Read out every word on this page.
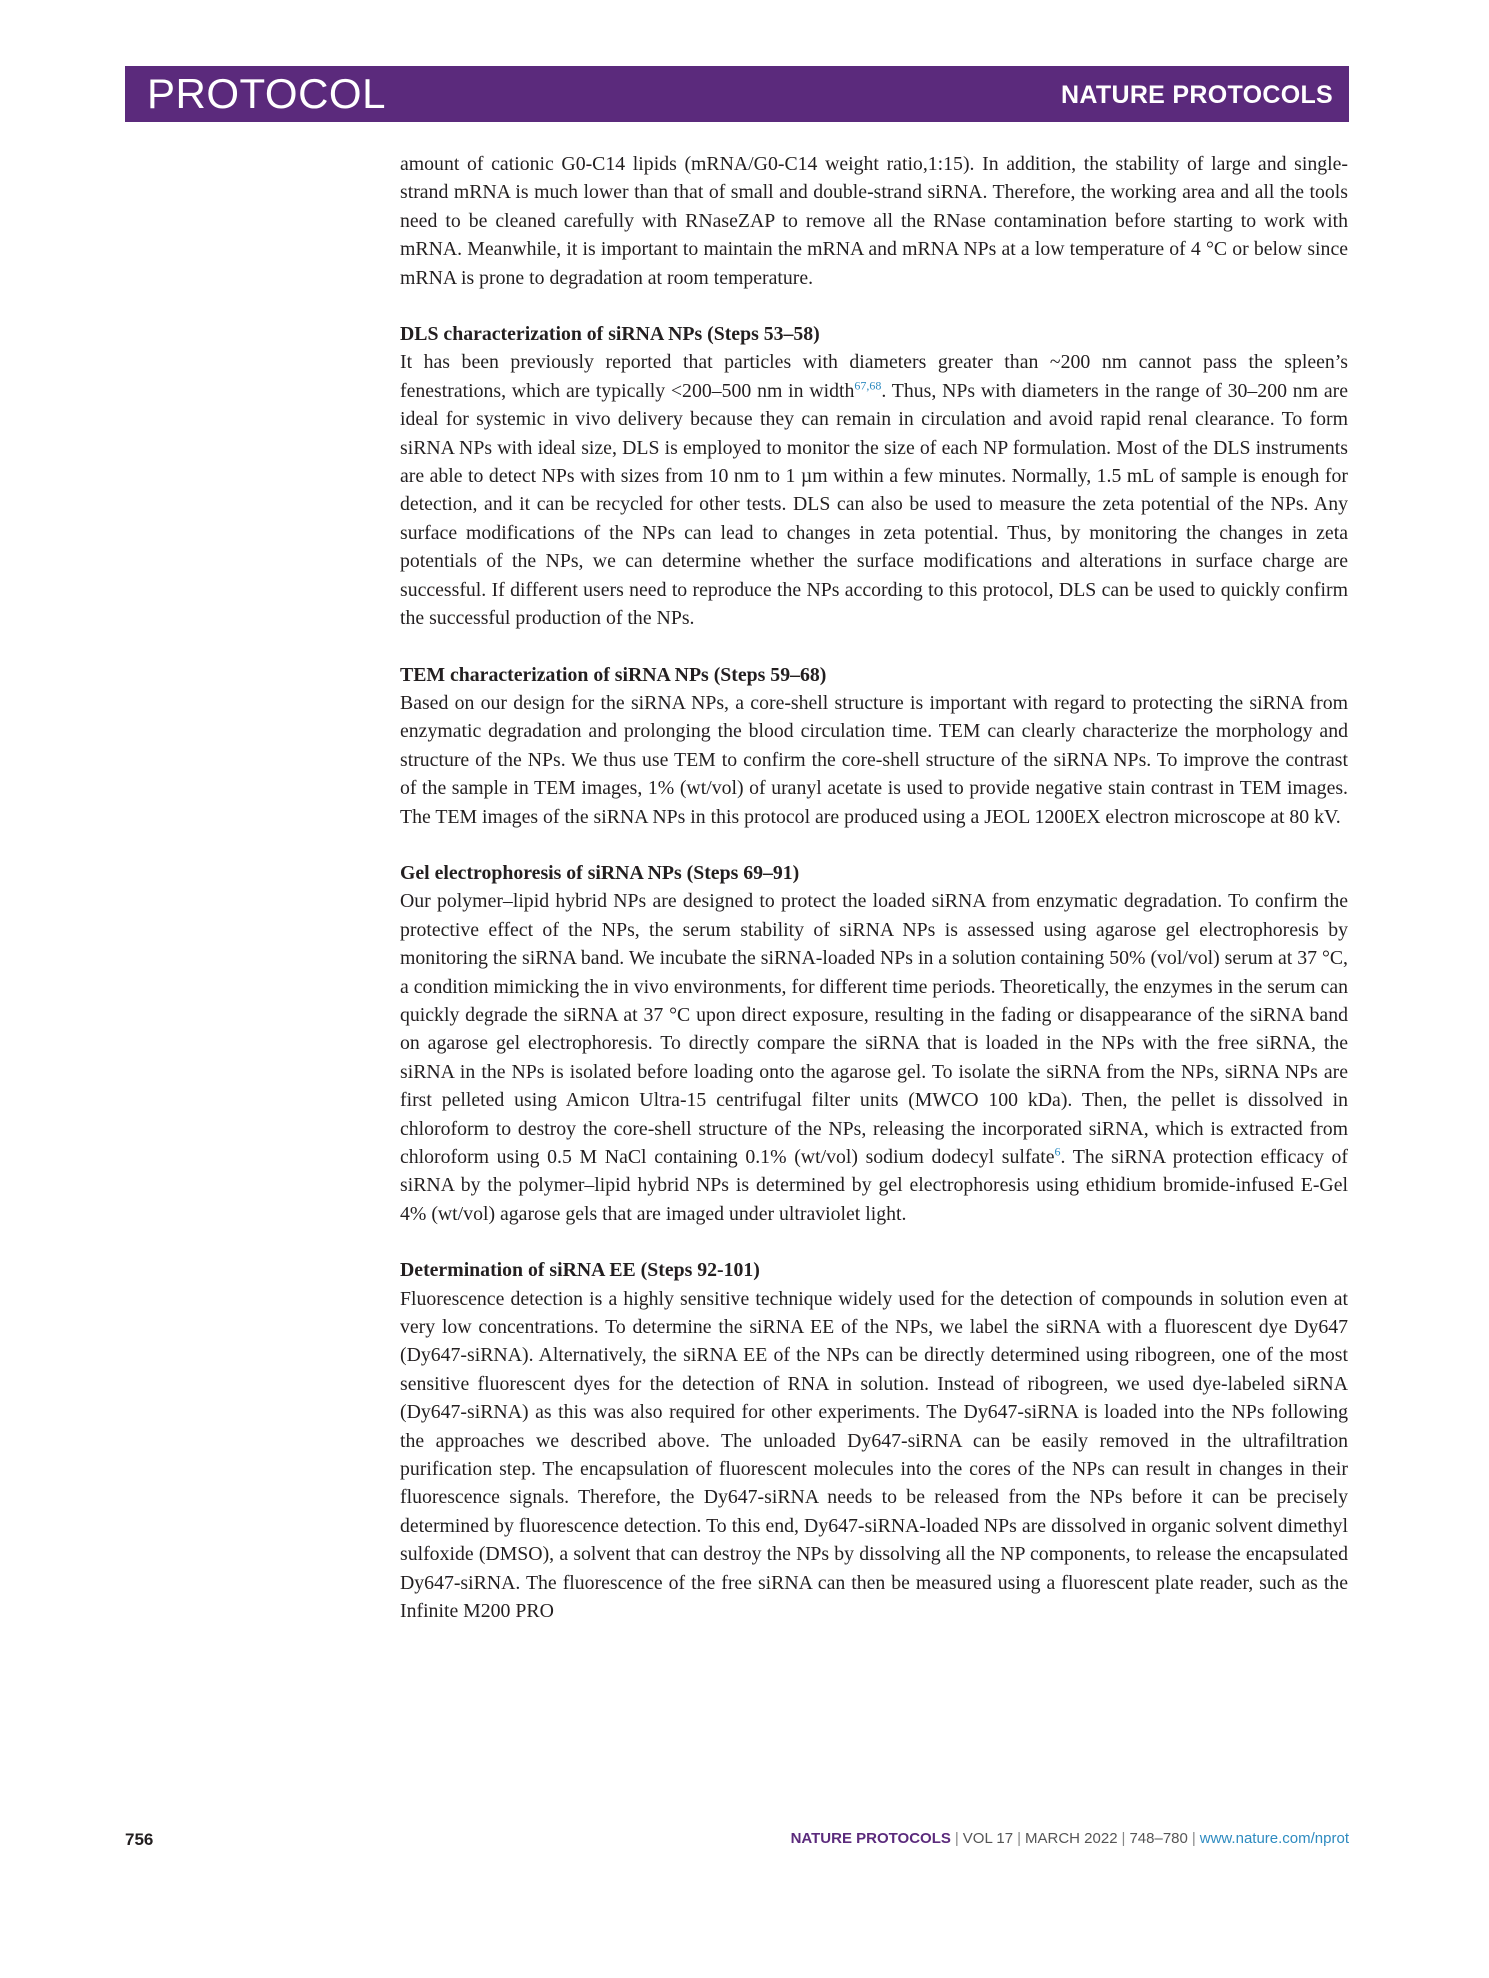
PROTOCOL	NATURE PROTOCOLS

amount of cationic G0-C14 lipids (mRNA/G0-C14 weight ratio,1:15). In addition, the stability of large and single-strand mRNA is much lower than that of small and double-strand siRNA. Therefore, the working area and all the tools need to be cleaned carefully with RNaseZAP to remove all the RNase contamination before starting to work with mRNA. Meanwhile, it is important to maintain the mRNA and mRNA NPs at a low temperature of 4 °C or below since mRNA is prone to degradation at room temperature.

DLS characterization of siRNA NPs (Steps 53–58)

It has been previously reported that particles with diameters greater than ~200 nm cannot pass the spleen’s fenestrations, which are typically <200–500 nm in width$^{67,68}$. Thus, NPs with diameters in the range of 30–200 nm are ideal for systemic in vivo delivery because they can remain in circulation and avoid rapid renal clearance. To form siRNA NPs with ideal size, DLS is employed to monitor the size of each NP formulation. Most of the DLS instruments are able to detect NPs with sizes from 10 nm to 1 µm within a few minutes. Normally, 1.5 mL of sample is enough for detection, and it can be recycled for other tests. DLS can also be used to measure the zeta potential of the NPs. Any surface modifications of the NPs can lead to changes in zeta potential. Thus, by monitoring the changes in zeta potentials of the NPs, we can determine whether the surface modifications and alterations in surface charge are successful. If different users need to reproduce the NPs according to this protocol, DLS can be used to quickly confirm the successful production of the NPs.

TEM characterization of siRNA NPs (Steps 59–68)

Based on our design for the siRNA NPs, a core-shell structure is important with regard to protecting the siRNA from enzymatic degradation and prolonging the blood circulation time. TEM can clearly characterize the morphology and structure of the NPs. We thus use TEM to confirm the core-shell structure of the siRNA NPs. To improve the contrast of the sample in TEM images, 1% (wt/vol) of uranyl acetate is used to provide negative stain contrast in TEM images. The TEM images of the siRNA NPs in this protocol are produced using a JEOL 1200EX electron microscope at 80 kV.

Gel electrophoresis of siRNA NPs (Steps 69–91)

Our polymer–lipid hybrid NPs are designed to protect the loaded siRNA from enzymatic degradation. To confirm the protective effect of the NPs, the serum stability of siRNA NPs is assessed using agarose gel electrophoresis by monitoring the siRNA band. We incubate the siRNA-loaded NPs in a solution containing 50% (vol/vol) serum at 37 °C, a condition mimicking the in vivo environments, for different time periods. Theoretically, the enzymes in the serum can quickly degrade the siRNA at 37 °C upon direct exposure, resulting in the fading or disappearance of the siRNA band on agarose gel electrophoresis. To directly compare the siRNA that is loaded in the NPs with the free siRNA, the siRNA in the NPs is isolated before loading onto the agarose gel. To isolate the siRNA from the NPs, siRNA NPs are first pelleted using Amicon Ultra-15 centrifugal filter units (MWCO 100 kDa). Then, the pellet is dissolved in chloroform to destroy the core-shell structure of the NPs, releasing the incorporated siRNA, which is extracted from chloroform using 0.5 M NaCl containing 0.1% (wt/vol) sodium dodecyl sulfate$^6$. The siRNA protection efficacy of siRNA by the polymer–lipid hybrid NPs is determined by gel electrophoresis using ethidium bromide-infused E-Gel 4% (wt/vol) agarose gels that are imaged under ultraviolet light.

Determination of siRNA EE (Steps 92-101)

Fluorescence detection is a highly sensitive technique widely used for the detection of compounds in solution even at very low concentrations. To determine the siRNA EE of the NPs, we label the siRNA with a fluorescent dye Dy647 (Dy647-siRNA). Alternatively, the siRNA EE of the NPs can be directly determined using ribogreen, one of the most sensitive fluorescent dyes for the detection of RNA in solution. Instead of ribogreen, we used dye-labeled siRNA (Dy647-siRNA) as this was also required for other experiments. The Dy647-siRNA is loaded into the NPs following the approaches we described above. The unloaded Dy647-siRNA can be easily removed in the ultrafiltration purification step. The encapsulation of fluorescent molecules into the cores of the NPs can result in changes in their fluorescence signals. Therefore, the Dy647-siRNA needs to be released from the NPs before it can be precisely determined by fluorescence detection. To this end, Dy647-siRNA-loaded NPs are dissolved in organic solvent dimethyl sulfoxide (DMSO), a solvent that can destroy the NPs by dissolving all the NP components, to release the encapsulated Dy647-siRNA. The fluorescence of the free siRNA can then be measured using a fluorescent plate reader, such as the Infinite M200 PRO

756	NATURE PROTOCOLS | VOL 17 | MARCH 2022 | 748–780 | www.nature.com/nprot
